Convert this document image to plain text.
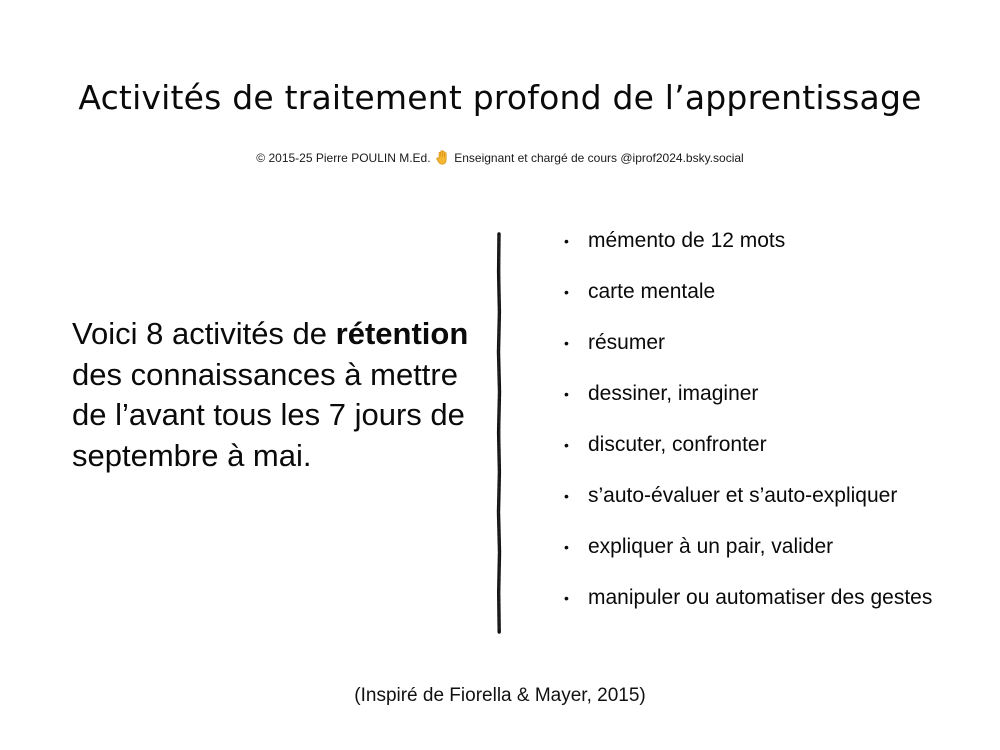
Activités de traitement profond de l’apprentissage
© 2015-25 Pierre POULIN M.Ed. Enseignant et chargé de cours @iprof2024.bsky.social
Voici 8 activités de rétention des connaissances à mettre de l’avant tous les 7 jours de septembre à mai.
• mémento de 12 mots
• carte mentale
• résumer
• dessiner, imaginer
• discuter, confronter
• s’auto-évaluer et s’auto-expliquer
• expliquer à un pair, valider
• manipuler ou automatiser des gestes
(Inspiré de Fiorella & Mayer, 2015)
